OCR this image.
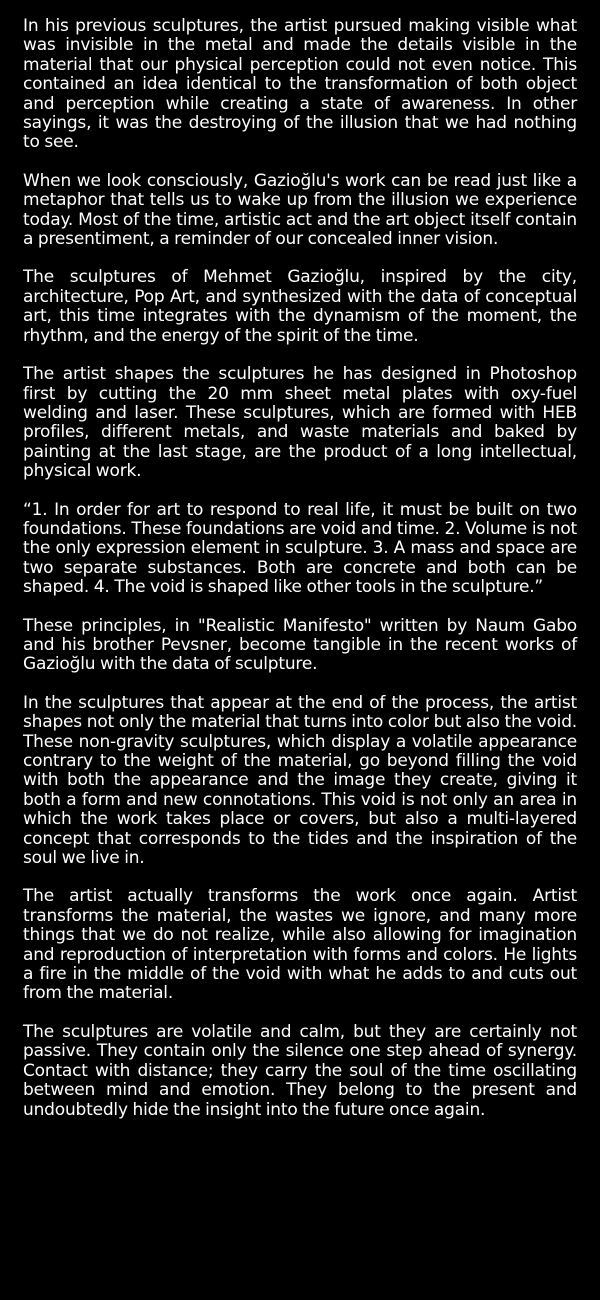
In his previous sculptures, the artist pursued making visible what was invisible in the metal and made the details visible in the material that our physical perception could not even notice. This contained an idea identical to the transformation of both object and perception while creating a state of awareness. In other sayings, it was the destroying of the illusion that we had nothing to see.

When we look consciously, Gazioğlu's work can be read just like a metaphor that tells us to wake up from the illusion we experience today. Most of the time, artistic act and the art object itself contain a presentiment, a reminder of our concealed inner vision.

The sculptures of Mehmet Gazioğlu, inspired by the city, architecture, Pop Art, and synthesized with the data of conceptual art, this time integrates with the dynamism of the moment, the rhythm, and the energy of the spirit of the time.

The artist shapes the sculptures he has designed in Photoshop first by cutting the 20 mm sheet metal plates with oxy-fuel welding and laser. These sculptures, which are formed with HEB profiles, different metals, and waste materials and baked by painting at the last stage, are the product of a long intellectual, physical work.

“1. In order for art to respond to real life, it must be built on two foundations. These foundations are void and time. 2. Volume is not the only expression element in sculpture. 3. A mass and space are two separate substances. Both are concrete and both can be shaped. 4. The void is shaped like other tools in the sculpture.”

These principles, in "Realistic Manifesto" written by Naum Gabo and his brother Pevsner, become tangible in the recent works of Gazioğlu with the data of sculpture.

In the sculptures that appear at the end of the process, the artist shapes not only the material that turns into color but also the void. These non-gravity sculptures, which display a volatile appearance contrary to the weight of the material, go beyond filling the void with both the appearance and the image they create, giving it both a form and new connotations. This void is not only an area in which the work takes place or covers, but also a multi-layered concept that corresponds to the tides and the inspiration of the soul we live in.

The artist actually transforms the work once again. Artist transforms the material, the wastes we ignore, and many more things that we do not realize, while also allowing for imagination and reproduction of interpretation with forms and colors. He lights a fire in the middle of the void with what he adds to and cuts out from the material.

The sculptures are volatile and calm, but they are certainly not passive. They contain only the silence one step ahead of synergy. Contact with distance; they carry the soul of the time oscillating between mind and emotion. They belong to the present and undoubtedly hide the insight into the future once again.
